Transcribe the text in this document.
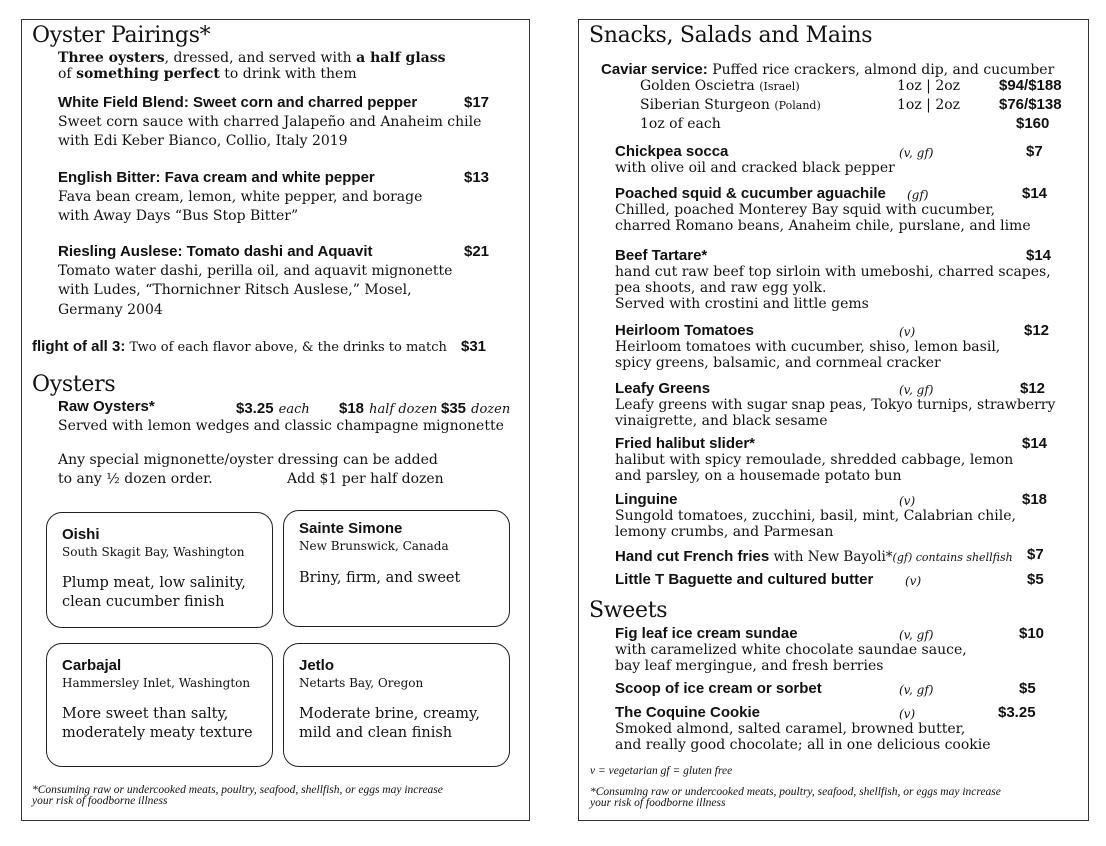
Oyster Pairings*
Three oysters, dressed, and served with a half glass
of something perfect to drink with them
White Field Blend: Sweet corn and charred pepper	$17
Sweet corn sauce with charred Jalapeño and Anaheim chile
with Edi Keber Bianco, Collio, Italy 2019
English Bitter: Fava cream and white pepper	$13
Fava bean cream, lemon, white pepper, and borage
with Away Days “Bus Stop Bitter”
Riesling Auslese: Tomato dashi and Aquavit	$21
Tomato water dashi, perilla oil, and aquavit mignonette
with Ludes, “Thornichner Ritsch Auslese,” Mosel,
Germany 2004
flight of all 3: Two of each flavor above, & the drinks to match $31
Oysters
Raw Oysters*	$3.25 each $18 half dozen $35 dozen
Served with lemon wedges and classic champagne mignonette
Any special mignonette/oyster dressing can be added
to any ½ dozen order.	Add $1 per half dozen
Oishi
South Skagit Bay, Washington
Plump meat, low salinity,
clean cucumber finish
Sainte Simone
New Brunswick, Canada
Briny, firm, and sweet
Carbajal
Hammersley Inlet, Washington
More sweet than salty,
moderately meaty texture
Jetlo
Netarts Bay, Oregon
Moderate brine, creamy,
mild and clean finish
*Consuming raw or undercooked meats, poultry, seafood, shellfish, or eggs may increase
your risk of foodborne illness
Snacks, Salads and Mains
Caviar service: Puffed rice crackers, almond dip, and cucumber
Golden Oscietra (Israel)	1oz | 2oz	$94/$188
Siberian Sturgeon (Poland)	1oz | 2oz	$76/$138
1oz of each	$160
Chickpea socca	(v, gf)	$7
with olive oil and cracked black pepper
Poached squid & cucumber aguachile (gf)	$14
Chilled, poached Monterey Bay squid with cucumber,
charred Romano beans, Anaheim chile, purslane, and lime
Beef Tartare*	$14
hand cut raw beef top sirloin with umeboshi, charred scapes,
pea shoots, and raw egg yolk.
Served with crostini and little gems
Heirloom Tomatoes	(v)	$12
Heirloom tomatoes with cucumber, shiso, lemon basil,
spicy greens, balsamic, and cornmeal cracker
Leafy Greens	(v, gf)	$12
Leafy greens with sugar snap peas, Tokyo turnips, strawberry
vinaigrette, and black sesame
Fried halibut slider*	$14
halibut with spicy remoulade, shredded cabbage, lemon
and parsley, on a housemade potato bun
Linguine	(v)	$18
Sungold tomatoes, zucchini, basil, mint, Calabrian chile,
lemony crumbs, and Parmesan
Hand cut French fries with New Bayoli*(gf) contains shellfish $7
Little T Baguette and cultured butter	(v)	$5
Sweets
Fig leaf ice cream sundae	(v, gf)	$10
with caramelized white chocolate saundae sauce,
bay leaf mergingue, and fresh berries
Scoop of ice cream or sorbet	(v, gf)	$5
The Coquine Cookie	(v)	$3.25
Smoked almond, salted caramel, browned butter,
and really good chocolate; all in one delicious cookie
v = vegetarian gf = gluten free
*Consuming raw or undercooked meats, poultry, seafood, shellfish, or eggs may increase
your risk of foodborne illness
